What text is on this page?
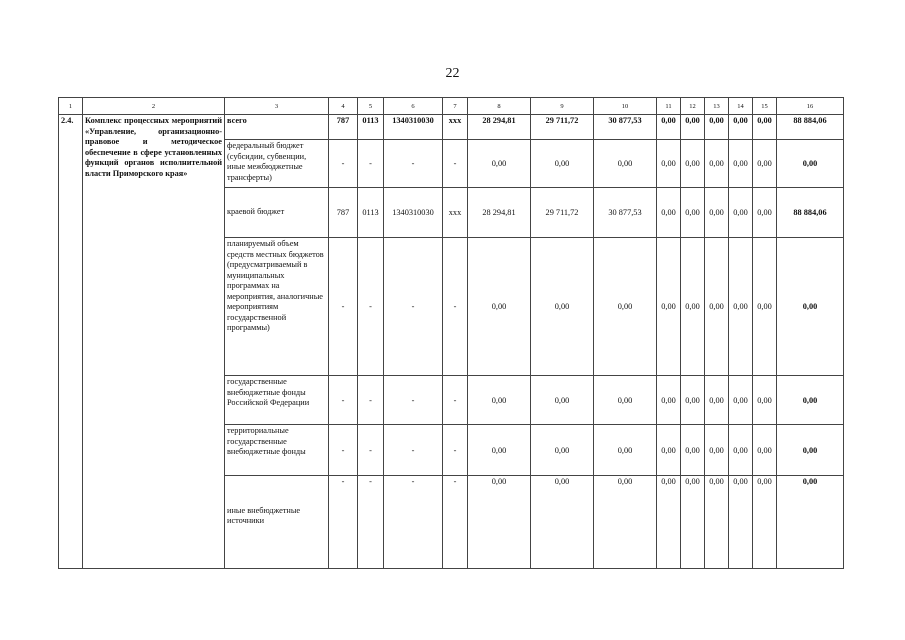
22
1	2	3	4	5	6	7	8	9	10	11	12	13	14	15	16
2.4.	Комплекс процессных мероприятий «Управление, организационно-правовое и методическое обеспечение в сфере установленных функций органов исполнительной власти Приморского края»	всего	787	0113	1340310030	xxx	28 294,81	29 711,72	30 877,53	0,00	0,00	0,00	0,00	0,00	88 884,06
		федеральный бюджет (субсидии, субвенции, иные межбюджетные трансферты)	-	-	-	-	0,00	0,00	0,00	0,00	0,00	0,00	0,00	0,00	0,00
		краевой бюджет	787	0113	1340310030	xxx	28 294,81	29 711,72	30 877,53	0,00	0,00	0,00	0,00	0,00	88 884,06
		планируемый объем средств местных бюджетов (предусматриваемый в муниципальных программах на мероприятия, аналогичные мероприятиям государственной программы)	-	-	-	-	0,00	0,00	0,00	0,00	0,00	0,00	0,00	0,00	0,00
		государственные внебюджетные фонды Российской Федерации	-	-	-	-	0,00	0,00	0,00	0,00	0,00	0,00	0,00	0,00	0,00
		территориальные государственные внебюджетные фонды	-	-	-	-	0,00	0,00	0,00	0,00	0,00	0,00	0,00	0,00	0,00

		иные внебюджетные источники	-	-	-	-	0,00	0,00	0,00	0,00	0,00	0,00	0,00	0,00	0,00
